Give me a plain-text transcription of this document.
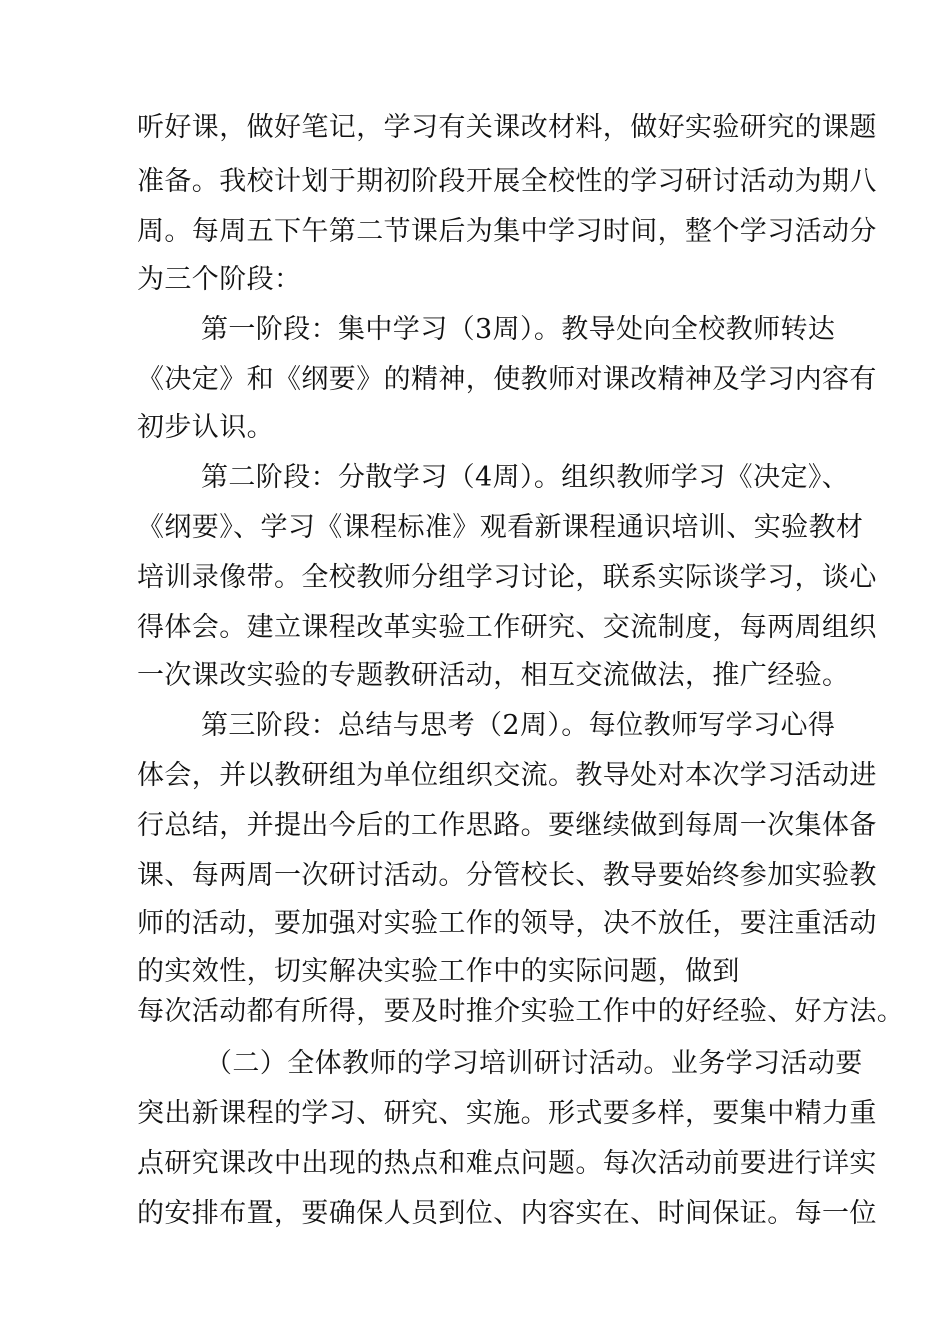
听好课，做好笔记，学习有关课改材料，做好实验研究的课题
准备。我校计划于期初阶段开展全校性的学习研讨活动为期八
周。每周五下午第二节课后为集中学习时间，整个学习活动分
为三个阶段：
第一阶段：集中学习（3周）。教导处向全校教师转达
《决定》和《纲要》的精神，使教师对课改精神及学习内容有
初步认识。
第二阶段：分散学习（4周）。组织教师学习《决定》、
《纲要》、学习《课程标准》观看新课程通识培训、实验教材
培训录像带。全校教师分组学习讨论，联系实际谈学习，谈心
得体会。建立课程改革实验工作研究、交流制度，每两周组织
一次课改实验的专题教研活动，相互交流做法，推广经验。
第三阶段：总结与思考（2周）。每位教师写学习心得
体会，并以教研组为单位组织交流。教导处对本次学习活动进
行总结，并提出今后的工作思路。要继续做到每周一次集体备
课、每两周一次研讨活动。分管校长、教导要始终参加实验教
师的活动，要加强对实验工作的领导，决不放任，要注重活动
的实效性，切实解决实验工作中的实际问题，做到
每次活动都有所得，要及时推介实验工作中的好经验、好方法。
（二）全体教师的学习培训研讨活动。业务学习活动要
突出新课程的学习、研究、实施。形式要多样，要集中精力重
点研究课改中出现的热点和难点问题。每次活动前要进行详实
的安排布置，要确保人员到位、内容实在、时间保证。每一位
